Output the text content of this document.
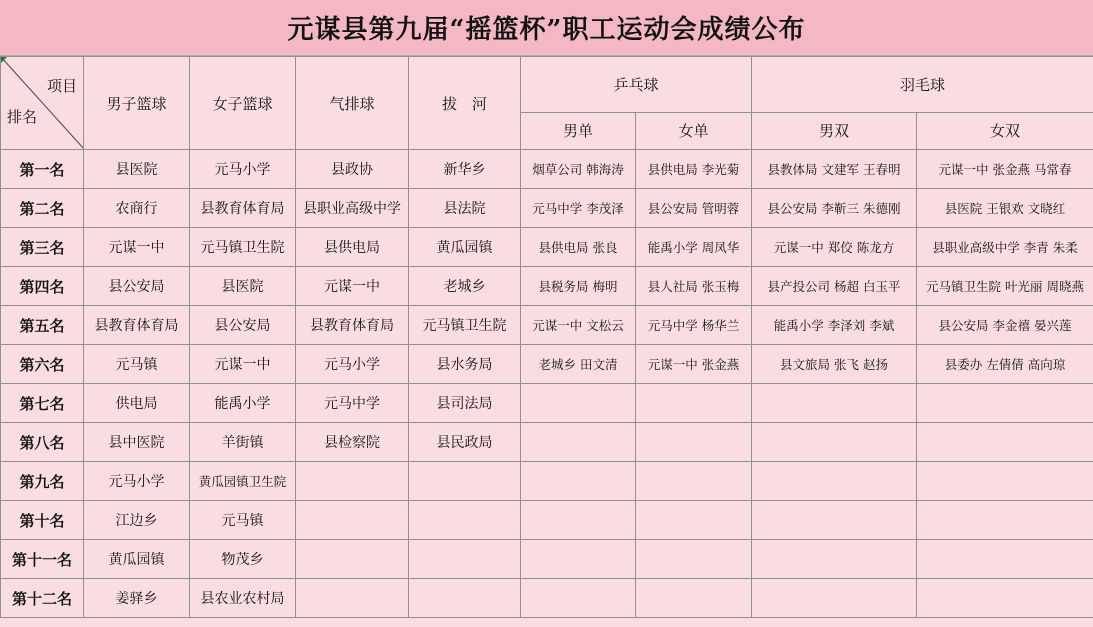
元谋县第九届“摇篮杯”职工运动会成绩公布
项目
排名	男子篮球	女子篮球	气排球	拔　河	乒乓球		羽毛球	
					男单	女单	男双	女双
第一名	县医院	元马小学	县政协	新华乡	烟草公司 韩海涛	县供电局 李光菊	县教体局 文建军 王春明	元谋一中 张金燕 马常春
第二名	农商行	县教育体育局	县职业高级中学	县法院	元马中学 李茂泽	县公安局 管明蓉	县公安局 李靳三 朱德刚	县医院 王银欢 文晓红
第三名	元谋一中	元马镇卫生院	县供电局	黄瓜园镇	县供电局 张良	能禹小学 周凤华	元谋一中 郑佼 陈龙方	县职业高级中学 李青 朱柔
第四名	县公安局	县医院	元谋一中	老城乡	县税务局 梅明	县人社局 张玉梅	县产投公司 杨超 白玉平	元马镇卫生院 叶光丽 周晓燕
第五名	县教育体育局	县公安局	县教育体育局	元马镇卫生院	元谋一中 文松云	元马中学 杨华兰	能禹小学 李泽刘 李斌	县公安局 李金禧 晏兴莲
第六名	元马镇	元谋一中	元马小学	县水务局	老城乡 田文清	元谋一中 张金燕	县文旅局 张飞 赵扬	县委办 左倩倩 高向琼
第七名	供电局	能禹小学	元马中学	县司法局				
第八名	县中医院	羊街镇	县检察院	县民政局				
第九名	元马小学	黄瓜园镇卫生院						
第十名	江边乡	元马镇						
第十一名	黄瓜园镇	物茂乡						
第十二名	姜驿乡	县农业农村局						
